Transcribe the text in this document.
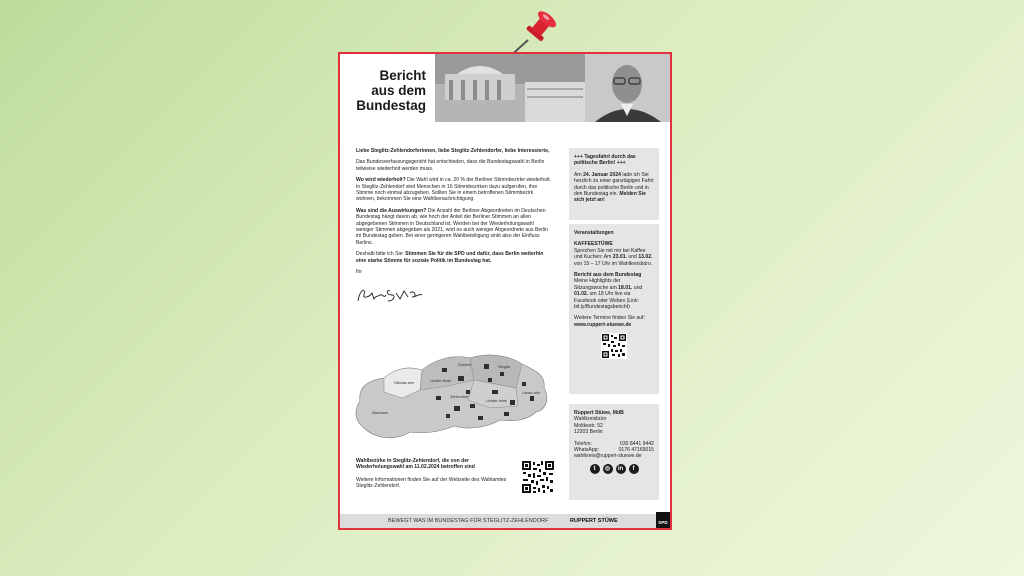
Bericht
aus dem
Bundestag

Liebe Steglitz-Zehlendorferinnen, liebe Steglitz-Zehlendorfer, liebe Interessierte,

Das Bundesverfassungsgericht hat entschieden, dass die Bundestagswahl in Berlin teilweise wiederholt werden muss.

Wo wird wiederholt? Die Wahl wird in ca. 20 % der Berliner Stimmbezirke wiederholt. In Steglitz-Zehlendorf sind Menschen in 16 Stimmbezirken dazu aufgerufen, ihre Stimme noch einmal abzugeben. Sollten Sie in einem betroffenen Stimmbezirk wohnen, bekommen Sie eine Wahlbenachrichtigung.

Was sind die Auswirkungen? Die Anzahl der Berliner Abgeordneten im Deutschen Bundestag hängt davon ab, wie hoch der Anteil der Berliner Stimmen an allen abgegebenen Stimmen in Deutschland ist. Werden bei der Wiederholungswahl weniger Stimmen abgegeben als 2021, wird es auch weniger Abgeordnete aus Berlin im Bundestag geben. Bei einer geringeren Wahlbeteiligung sinkt also der Einfluss Berlins.

Deshalb bitte ich Sie: Stimmen Sie für die SPD und dafür, dass Berlin weiterhin eine starke Stimme für soziale Politik im Bundestag hat.

Ihr

Dahlem
Lichter-felde
Zehlendorf
Wannsee
Nikolas-see
Steglitz
Lanke-witz
Lichter-felde

Wahlbezirke in Steglitz-Zehlendorf, die von der Wiederholungswahl am 11.02.2024 betroffen sind

Weitere Informationen finden Sie auf der Webseite des Wahlamtes Steglitz-Zehlendorf.

+++ Tagesfahrt durch das politische Berlin! +++

Am 24. Januar 2024 lade ich Sie herzlich zu einer ganztägigen Fahrt durch das politische Berlin und in den Bundestag ein. Melden Sie sich jetzt an!

Veranstaltungen

KAFFEESTÜWE

Sprechen Sie mit mir bei Kaffee und Kuchen: Am 23.01. und 13.02. von 15 – 17 Uhr im Wahlkreisbüro.

Bericht aus dem Bundestag

Meine Highlights der Sitzungswoche am 18.01. und 01.02. um 18 Uhr live via Facebook oder Webex (Link: bit.ly/Bundestagsbericht)

Weitere Termine finden Sie auf:

www.ruppert-stuewe.de

Ruppert Stüwe, MdB

Wahlkreisbüro
Moltkestr. 52
12203 Berlin
Telefon:	030 8441 9442
WhatsApp:	0176 47169015
wahlkreis@ruppert-stuewe.de
t	◎	in	f
BEWEGT WAS IM BUNDESTAG FÜR STEGLITZ-ZEHLENDORF	RUPPERT STÜWE	SPD
